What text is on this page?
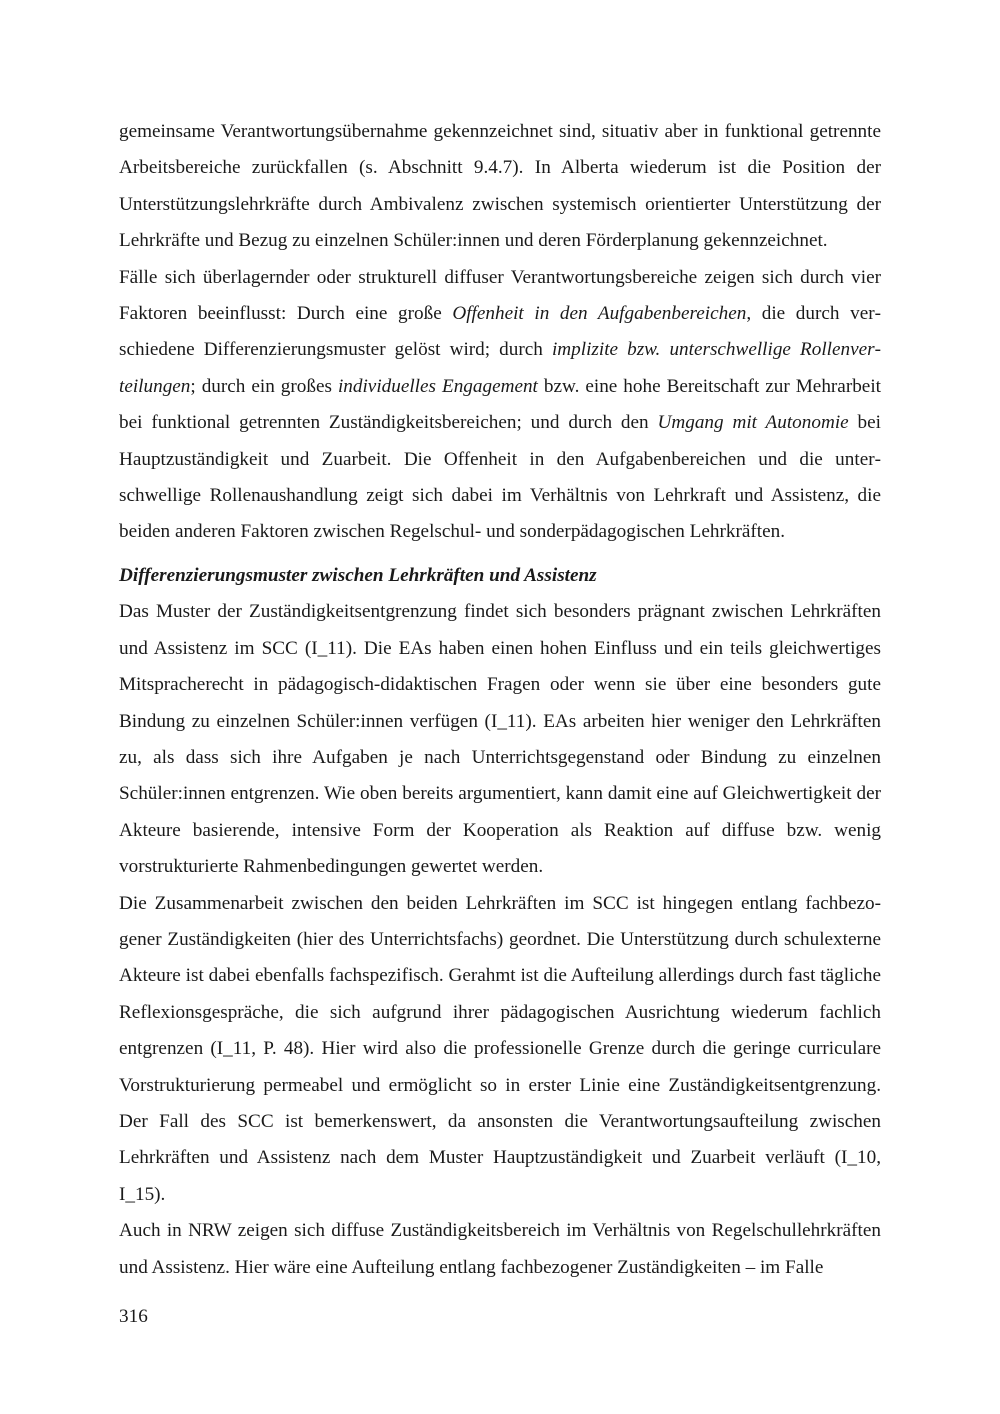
gemeinsame Verantwortungsübernahme gekennzeichnet sind, situativ aber in funktional getrennte Arbeitsbereiche zurückfallen (s. Abschnitt 9.4.7). In Alberta wiederum ist die Position der Unterstützungslehrkräfte durch Ambivalenz zwischen systemisch orientierter Unterstützung der Lehrkräfte und Bezug zu einzelnen Schüler:innen und deren Förderplanung gekennzeichnet.

Fälle sich überlagernder oder strukturell diffuser Verantwortungsbereiche zeigen sich durch vier Faktoren beeinflusst: Durch eine große Offenheit in den Aufgabenbereichen, die durch verschiedene Differenzierungsmuster gelöst wird; durch implizite bzw. unterschwellige Rollenverteilungen; durch ein großes individuelles Engagement bzw. eine hohe Bereitschaft zur Mehrarbeit bei funktional getrennten Zuständigkeitsbereichen; und durch den Umgang mit Autonomie bei Hauptzuständigkeit und Zuarbeit. Die Offenheit in den Aufgabenbereichen und die unterschwellige Rollenaushandlung zeigt sich dabei im Verhältnis von Lehrkraft und Assistenz, die beiden anderen Faktoren zwischen Regelschul- und sonderpädagogischen Lehrkräften.

Differenzierungsmuster zwischen Lehrkräften und Assistenz

Das Muster der Zuständigkeitsentgrenzung findet sich besonders prägnant zwischen Lehrkräften und Assistenz im SCC (I_11). Die EAs haben einen hohen Einfluss und ein teils gleichwertiges Mitspracherecht in pädagogisch-didaktischen Fragen oder wenn sie über eine besonders gute Bindung zu einzelnen Schüler:innen verfügen (I_11). EAs arbeiten hier weniger den Lehrkräften zu, als dass sich ihre Aufgaben je nach Unterrichtsgegenstand oder Bindung zu einzelnen Schüler:innen entgrenzen. Wie oben bereits argumentiert, kann damit eine auf Gleichwertigkeit der Akteure basierende, intensive Form der Kooperation als Reaktion auf diffuse bzw. wenig vorstrukturierte Rahmenbedingungen gewertet werden.

Die Zusammenarbeit zwischen den beiden Lehrkräften im SCC ist hingegen entlang fachbezogener Zuständigkeiten (hier des Unterrichtsfachs) geordnet. Die Unterstützung durch schulexterne Akteure ist dabei ebenfalls fachspezifisch. Gerahmt ist die Aufteilung allerdings durch fast tägliche Reflexionsgespräche, die sich aufgrund ihrer pädagogischen Ausrichtung wiederum fachlich entgrenzen (I_11, P. 48). Hier wird also die professionelle Grenze durch die geringe curriculare Vorstrukturierung permeabel und ermöglicht so in erster Linie eine Zuständigkeitsentgrenzung. Der Fall des SCC ist bemerkenswert, da ansonsten die Verantwortungsaufteilung zwischen Lehrkräften und Assistenz nach dem Muster Hauptzuständigkeit und Zuarbeit verläuft (I_10, I_15).

Auch in NRW zeigen sich diffuse Zuständigkeitsbereich im Verhältnis von Regelschullehrkräften und Assistenz. Hier wäre eine Aufteilung entlang fachbezogener Zuständigkeiten – im Falle

316
